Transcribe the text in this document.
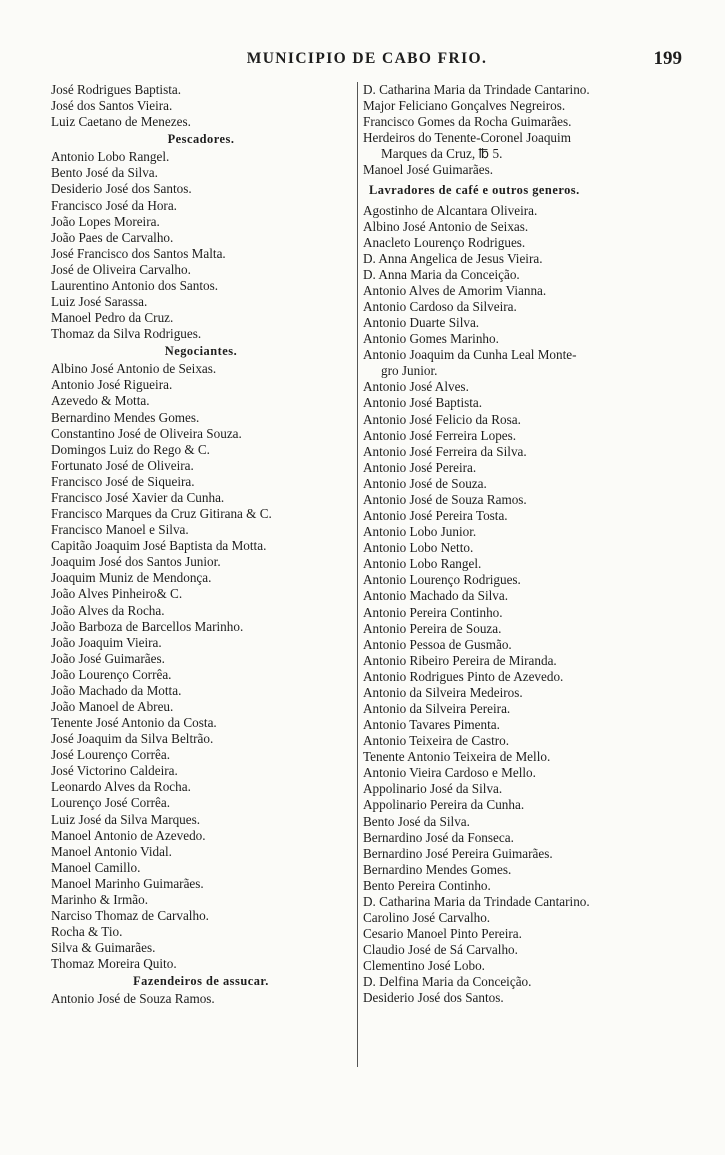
MUNICIPIO DE CABO FRIO.	199
José Rodrigues Baptista.
José dos Santos Vieira.
Luiz Caetano de Menezes.
Pescadores.
Antonio Lobo Rangel.
Bento José da Silva.
Desiderio José dos Santos.
Francisco José da Hora.
João Lopes Moreira.
João Paes de Carvalho.
José Francisco dos Santos Malta.
José de Oliveira Carvalho.
Laurentino Antonio dos Santos.
Luiz José Sarassa.
Manoel Pedro da Cruz.
Thomaz da Silva Rodrigues.
Negociantes.
Albino José Antonio de Seixas.
Antonio José Rigueira.
Azevedo & Motta.
Bernardino Mendes Gomes.
Constantino José de Oliveira Souza.
Domingos Luiz do Rego & C.
Fortunato José de Oliveira.
Francisco José de Siqueira.
Francisco José Xavier da Cunha.
Francisco Marques da Cruz Gitirana & C.
Francisco Manoel e Silva.
Capitão Joaquim José Baptista da Motta.
Joaquim José dos Santos Junior.
Joaquim Muniz de Mendonça.
João Alves Pinheiro& C.
João Alves da Rocha.
João Barboza de Barcellos Marinho.
João Joaquim Vieira.
João José Guimarães.
João Lourenço Corrêa.
João Machado da Motta.
João Manoel de Abreu.
Tenente José Antonio da Costa.
José Joaquim da Silva Beltrão.
José Lourenço Corrêa.
José Victorino Caldeira.
Leonardo Alves da Rocha.
Lourenço José Corrêa.
Luiz José da Silva Marques.
Manoel Antonio de Azevedo.
Manoel Antonio Vidal.
Manoel Camillo.
Manoel Marinho Guimarães.
Marinho & Irmão.
Narciso Thomaz de Carvalho.
Rocha & Tio.
Silva & Guimarães.
Thomaz Moreira Quito.
Fazendeiros de assucar.
Antonio José de Souza Ramos.
D. Catharina Maria da Trindade Cantarino.
Major Feliciano Gonçalves Negreiros.
Francisco Gomes da Rocha Guimarães.
Herdeiros do Tenente-Coronel Joaquim
Marques da Cruz, ℔ 5.
Manoel José Guimarães.
Lavradores de café e outros generos.
Agostinho de Alcantara Oliveira.
Albino José Antonio de Seixas.
Anacleto Lourenço Rodrigues.
D. Anna Angelica de Jesus Vieira.
D. Anna Maria da Conceição.
Antonio Alves de Amorim Vianna.
Antonio Cardoso da Silveira.
Antonio Duarte Silva.
Antonio Gomes Marinho.
Antonio Joaquim da Cunha Leal Monte-
gro Junior.
Antonio José Alves.
Antonio José Baptista.
Antonio José Felicio da Rosa.
Antonio José Ferreira Lopes.
Antonio José Ferreira da Silva.
Antonio José Pereira.
Antonio José de Souza.
Antonio José de Souza Ramos.
Antonio José Pereira Tosta.
Antonio Lobo Junior.
Antonio Lobo Netto.
Antonio Lobo Rangel.
Antonio Lourenço Rodrigues.
Antonio Machado da Silva.
Antonio Pereira Continho.
Antonio Pereira de Souza.
Antonio Pessoa de Gusmão.
Antonio Ribeiro Pereira de Miranda.
Antonio Rodrigues Pinto de Azevedo.
Antonio da Silveira Medeiros.
Antonio da Silveira Pereira.
Antonio Tavares Pimenta.
Antonio Teixeira de Castro.
Tenente Antonio Teixeira de Mello.
Antonio Vieira Cardoso e Mello.
Appolinario José da Silva.
Appolinario Pereira da Cunha.
Bento José da Silva.
Bernardino José da Fonseca.
Bernardino José Pereira Guimarães.
Bernardino Mendes Gomes.
Bento Pereira Continho.
D. Catharina Maria da Trindade Cantarino.
Carolino José Carvalho.
Cesario Manoel Pinto Pereira.
Claudio José de Sá Carvalho.
Clementino José Lobo.
D. Delfina Maria da Conceição.
Desiderio José dos Santos.
